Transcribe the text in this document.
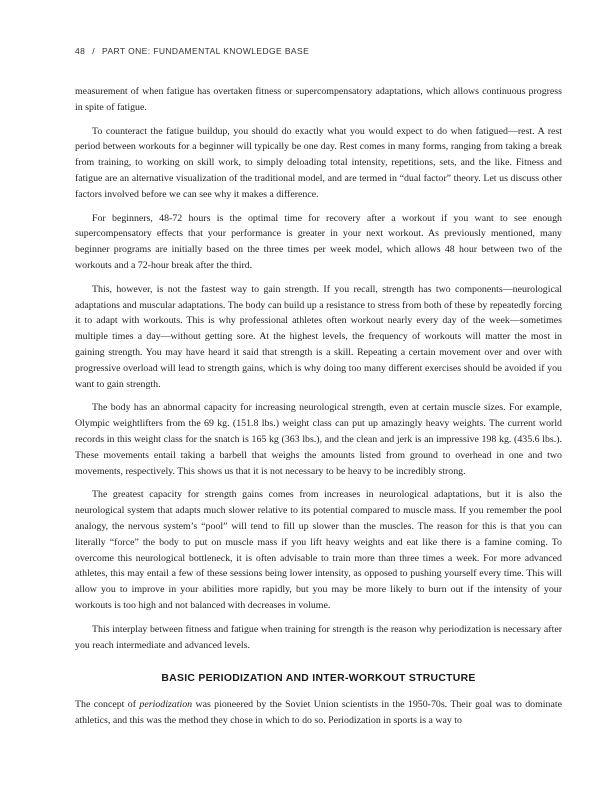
48 / PART ONE: FUNDAMENTAL KNOWLEDGE BASE

measurement of when fatigue has overtaken fitness or supercompensatory adaptations, which allows continuous progress in spite of fatigue.

To counteract the fatigue buildup, you should do exactly what you would expect to do when fatigued—rest. A rest period between workouts for a beginner will typically be one day. Rest comes in many forms, ranging from taking a break from training, to working on skill work, to simply deloading total intensity, repetitions, sets, and the like. Fitness and fatigue are an alternative visualization of the traditional model, and are termed in “dual factor” theory. Let us discuss other factors involved before we can see why it makes a difference.

For beginners, 48-72 hours is the optimal time for recovery after a workout if you want to see enough supercompensatory effects that your performance is greater in your next workout. As previously mentioned, many beginner programs are initially based on the three times per week model, which allows 48 hour between two of the workouts and a 72-hour break after the third.

This, however, is not the fastest way to gain strength. If you recall, strength has two components—neurological adaptations and muscular adaptations. The body can build up a resistance to stress from both of these by repeatedly forcing it to adapt with workouts. This is why professional athletes often workout nearly every day of the week—sometimes multiple times a day—without getting sore. At the highest levels, the frequency of workouts will matter the most in gaining strength. You may have heard it said that strength is a skill. Repeating a certain movement over and over with progressive overload will lead to strength gains, which is why doing too many different exercises should be avoided if you want to gain strength.

The body has an abnormal capacity for increasing neurological strength, even at certain muscle sizes. For example, Olympic weightlifters from the 69 kg. (151.8 lbs.) weight class can put up amazingly heavy weights. The current world records in this weight class for the snatch is 165 kg (363 lbs.), and the clean and jerk is an impressive 198 kg. (435.6 lbs.). These movements entail taking a barbell that weighs the amounts listed from ground to overhead in one and two movements, respectively. This shows us that it is not necessary to be heavy to be incredibly strong.

The greatest capacity for strength gains comes from increases in neurological adaptations, but it is also the neurological system that adapts much slower relative to its potential compared to muscle mass. If you remember the pool analogy, the nervous system’s “pool” will tend to fill up slower than the muscles. The reason for this is that you can literally “force” the body to put on muscle mass if you lift heavy weights and eat like there is a famine coming. To overcome this neurological bottleneck, it is often advisable to train more than three times a week. For more advanced athletes, this may entail a few of these sessions being lower intensity, as opposed to pushing yourself every time. This will allow you to improve in your abilities more rapidly, but you may be more likely to burn out if the intensity of your workouts is too high and not balanced with decreases in volume.

This interplay between fitness and fatigue when training for strength is the reason why periodization is necessary after you reach intermediate and advanced levels.

BASIC PERIODIZATION AND INTER-WORKOUT STRUCTURE

The concept of periodization was pioneered by the Soviet Union scientists in the 1950-70s. Their goal was to dominate athletics, and this was the method they chose in which to do so. Periodization in sports is a way to
